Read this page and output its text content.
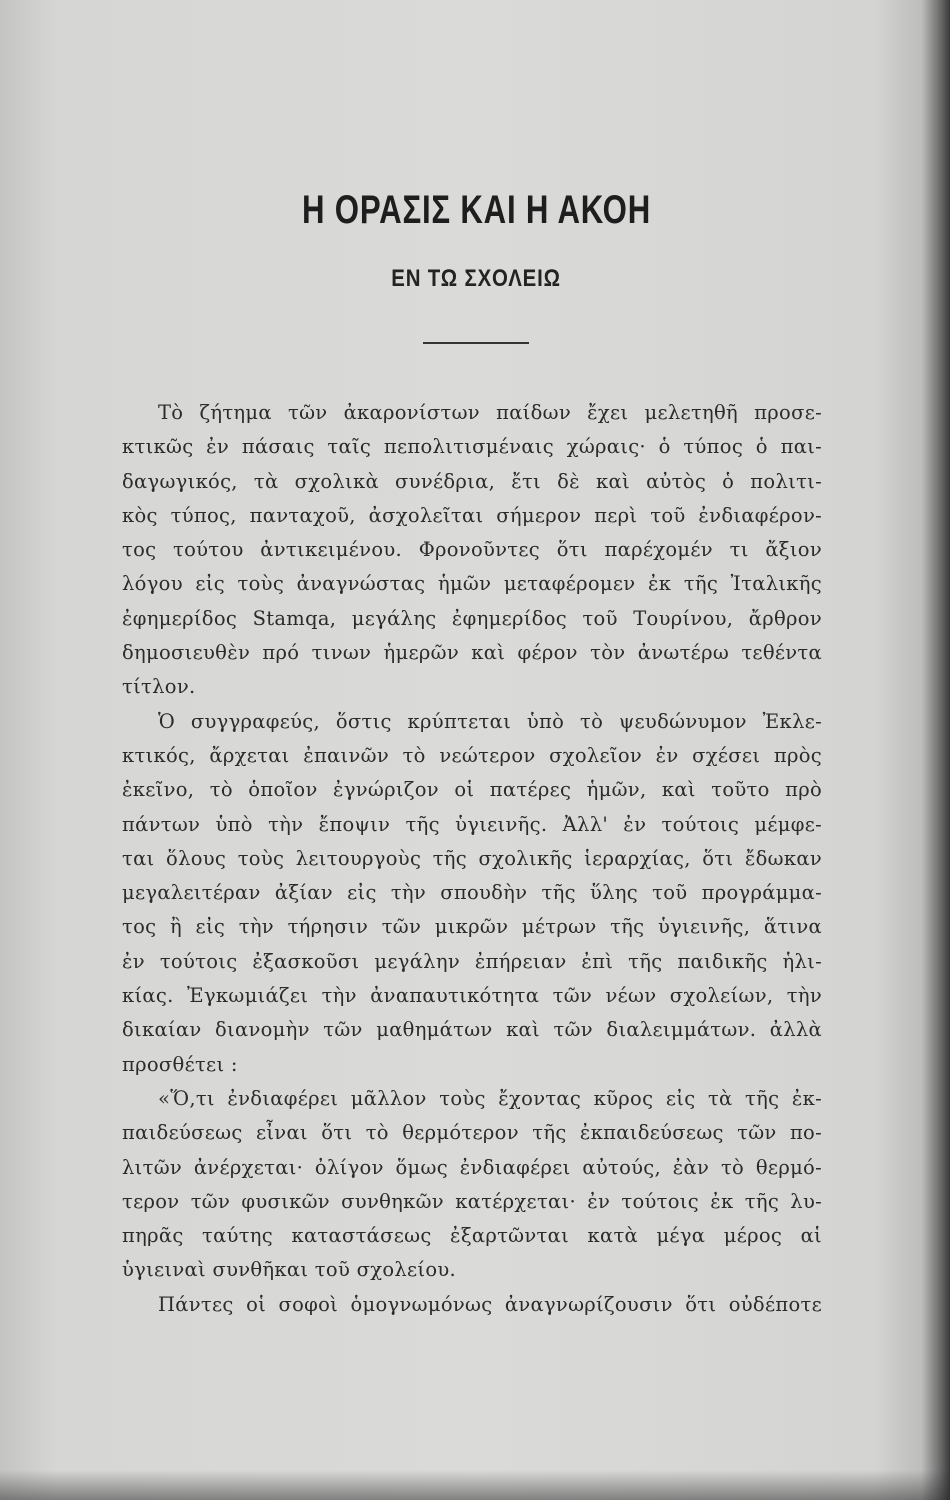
Η ΟΡΑΣΙΣ ΚΑΙ Η ΑΚΟΗ
ΕΝ ΤΩ ΣΧΟΛΕΙΩ
Τὸ ζήτημα τῶν ἀκαρονίστων παίδων ἔχει μελετηθῆ προσε-
κτικῶς ἐν πάσαις ταῖς πεπολιτισμέναις χώραις· ὁ τύπος ὁ παι-
δαγωγικός, τὰ σχολικὰ συνέδρια, ἔτι δὲ καὶ αὐτὸς ὁ πολιτι-
κὸς τύπος, πανταχοῦ, ἀσχολεῖται σήμερον περὶ τοῦ ἐνδιαφέρον-
τος τούτου ἀντικειμένου. Φρονοῦντες ὅτι παρέχομέν τι ἄξιον
λόγου εἰς τοὺς ἀναγνώστας ἡμῶν μεταφέρομεν ἐκ τῆς Ἰταλικῆς
ἐφημερίδος Stamqa, μεγάλης ἐφημερίδος τοῦ Τουρίνου, ἄρθρον
δημοσιευθὲν πρό τινων ἡμερῶν καὶ φέρον τὸν ἀνωτέρω τεθέντα
τίτλον.
Ὁ συγγραφεύς, ὅστις κρύπτεται ὑπὸ τὸ ψευδώνυμον Ἐκλε-
κτικός, ἄρχεται ἐπαινῶν τὸ νεώτερον σχολεῖον ἐν σχέσει πρὸς
ἐκεῖνο, τὸ ὁποῖον ἐγνώριζον οἱ πατέρες ἡμῶν, καὶ τοῦτο πρὸ
πάντων ὑπὸ τὴν ἔποψιν τῆς ὑγιεινῆς. Ἀλλ' ἐν τούτοις μέμφε-
ται ὅλους τοὺς λειτουργοὺς τῆς σχολικῆς ἱεραρχίας, ὅτι ἔδωκαν
μεγαλειτέραν ἀξίαν εἰς τὴν σπουδὴν τῆς ὕλης τοῦ προγράμμα-
τος ἢ εἰς τὴν τήρησιν τῶν μικρῶν μέτρων τῆς ὑγιεινῆς, ἅτινα
ἐν τούτοις ἐξασκοῦσι μεγάλην ἐπήρειαν ἐπὶ τῆς παιδικῆς ἡλι-
κίας. Ἐγκωμιάζει τὴν ἀναπαυτικότητα τῶν νέων σχολείων, τὴν
δικαίαν διανομὴν τῶν μαθημάτων καὶ τῶν διαλειμμάτων. ἀλλὰ
προσθέτει :
«Ὅ,τι ἐνδιαφέρει μᾶλλον τοὺς ἔχοντας κῦρος εἰς τὰ τῆς ἐκ-
παιδεύσεως εἶναι ὅτι τὸ θερμότερον τῆς ἐκπαιδεύσεως τῶν πο-
λιτῶν ἀνέρχεται· ὀλίγον ὅμως ἐνδιαφέρει αὐτούς, ἐὰν τὸ θερμό-
τερον τῶν φυσικῶν συνθηκῶν κατέρχεται· ἐν τούτοις ἐκ τῆς λυ-
πηρᾶς ταύτης καταστάσεως ἐξαρτῶνται κατὰ μέγα μέρος αἱ
ὑγιειναὶ συνθῆκαι τοῦ σχολείου.
Πάντες οἱ σοφοὶ ὁμογνωμόνως ἀναγνωρίζουσιν ὅτι οὐδέποτε
